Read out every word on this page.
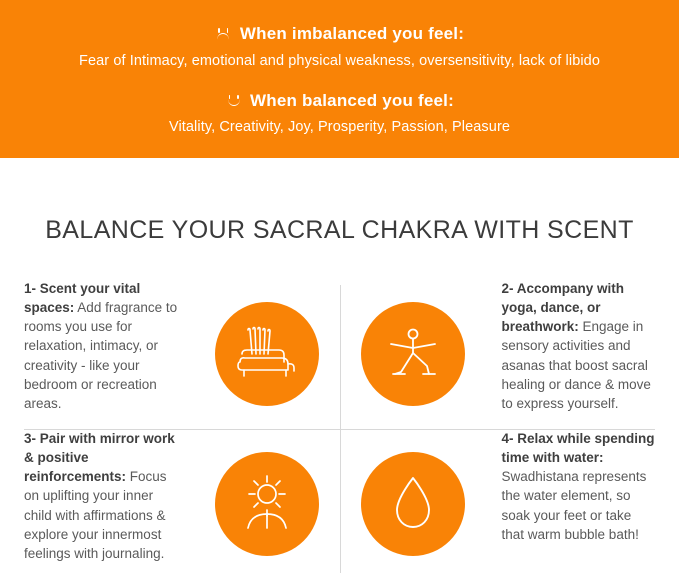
When imbalanced you feel:
Fear of Intimacy, emotional and physical weakness, oversensitivity, lack of libido
When balanced you feel:
Vitality, Creativity, Joy, Prosperity, Passion, Pleasure
BALANCE YOUR SACRAL CHAKRA WITH SCENT
1- Scent your vital spaces: Add fragrance to rooms you use for relaxation, intimacy, or creativity - like your bedroom or recreation areas.
2- Accompany with yoga, dance, or breathwork: Engage in sensory activities and asanas that boost sacral healing or dance & move to express yourself.
3- Pair with mirror work & positive reinforcements: Focus on uplifting your inner child with affirmations & explore your innermost feelings with journaling.
4- Relax while spending time with water: Swadhistana represents the water element, so soak your feet or take that warm bubble bath!
